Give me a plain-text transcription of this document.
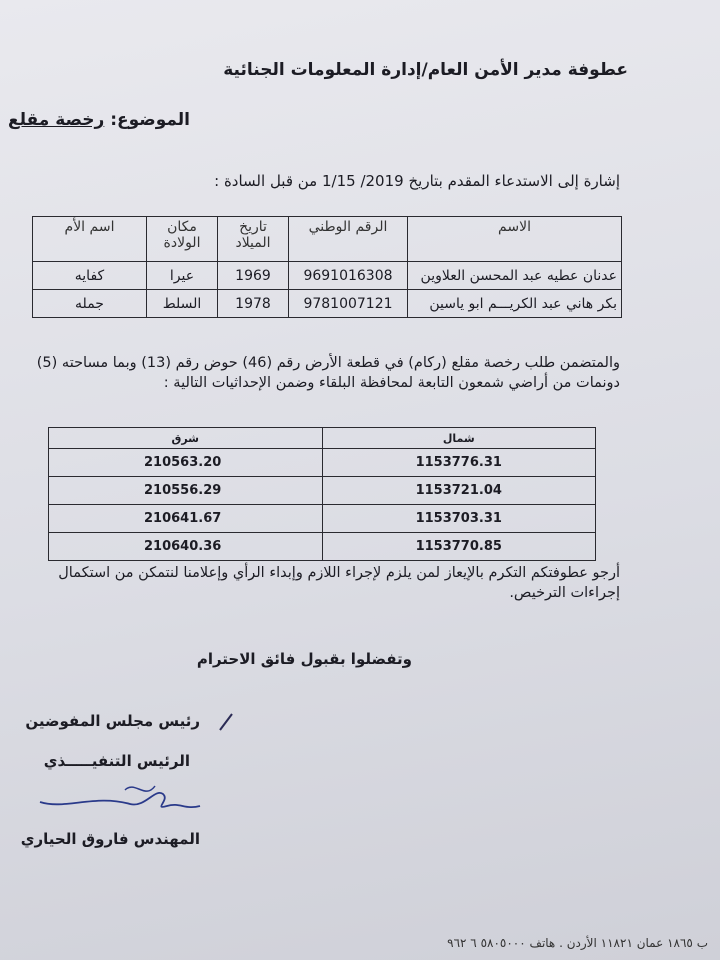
عطوفة مدير الأمن العام/إدارة المعلومات الجنائية
الموضوع: رخصة مقلع
إشارة إلى الاستدعاء المقدم بتاريخ 2019/ 1/15 من قبل السادة :
الاسم	الرقم الوطني	تاريخ الميلاد	مكان الولادة	اسم الأم
عدنان عطيه عبد المحسن العلاوين	9691016308	1969	عيرا	كفايه
بكر هاني عبد الكريـــم ابو ياسين	9781007121	1978	السلط	جمله
والمتضمن طلب رخصة مقلع (ركام) في قطعة الأرض رقم (46) حوض رقم (13) وبما مساحته (5) دونمات من أراضي شمعون التابعة لمحافظة البلقاء وضمن الإحداثيات التالية :
شمال	شرق
1153776.31	210563.20
1153721.04	210556.29
1153703.31	210641.67
1153770.85	210640.36
أرجو عطوفتكم التكرم بالإيعاز لمن يلزم لإجراء اللازم وإبداء الرأي وإعلامنا لنتمكن من استكمال إجراءات الترخيص.
وتفضلوا بقبول فائق الاحترام
رئيس مجلس المفوضين
الرئيس التنفيـــــذي
المهندس فاروق الحياري
ب ١٨٦٥ عمان ١١٨٢١ الأردن . هاتف ٥٨٠٥٠٠٠ ٦ ٩٦٢
